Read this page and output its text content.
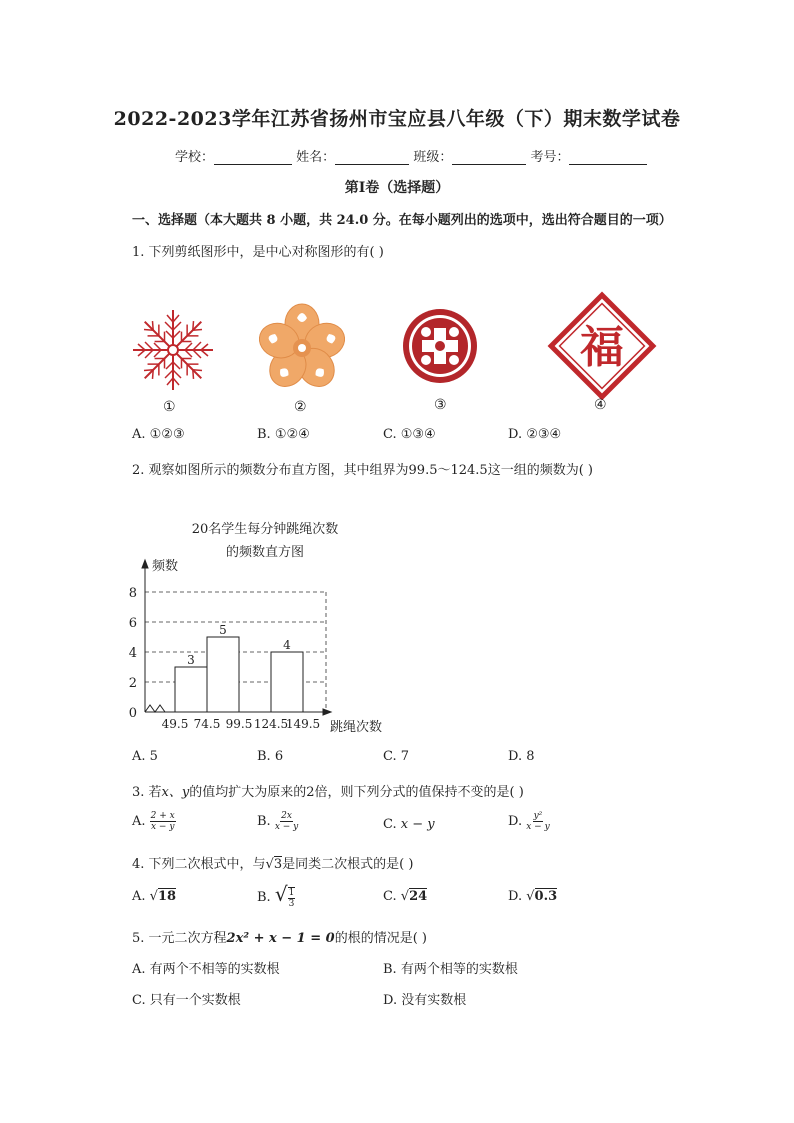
2022-2023学年江苏省扬州市宝应县八年级（下）期末数学试卷
学校：	姓名：	班级：	考号：
第I卷（选择题）
一、选择题（本大题共 8 小题，共 24.0 分。在每小题列出的选项中，选出符合题目的一项）
1. 下列剪纸图形中，是中心对称图形的有( )
福
①	②	③	④
A. ①②③	B. ①②④	C. ①③④	D. ②③④
2. 观察如图所示的频数分布直方图，其中组界为99.5～124.5这一组的频数为( )
20名学生每分钟跳绳次数
的频数直方图
频数
跳绳次数
0
2
4
6
8
49.5 74.5 99.5 124.5
149.5
3
5
4
A. 5	B. 6	C. 7	D. 8
3. 若x、y的值均扩大为原来的2倍，则下列分式的值保持不变的是( )
A. $\frac{2 + x}{x - y}$	B. $\frac{2x}{x - y}$	C. x − y	D. $\frac{\text{y²}}{x - y}$
4. 下列二次根式中，与√3是同类二次根式的是( )
A. √18	B. √ $\frac{1}{3}$	C. √24	D. √0.3
5. 一元二次方程2x² + x − 1 = 0的根的情况是( )
A. 有两个不相等的实数根	B. 有两个相等的实数根
C. 只有一个实数根	D. 没有实数根
